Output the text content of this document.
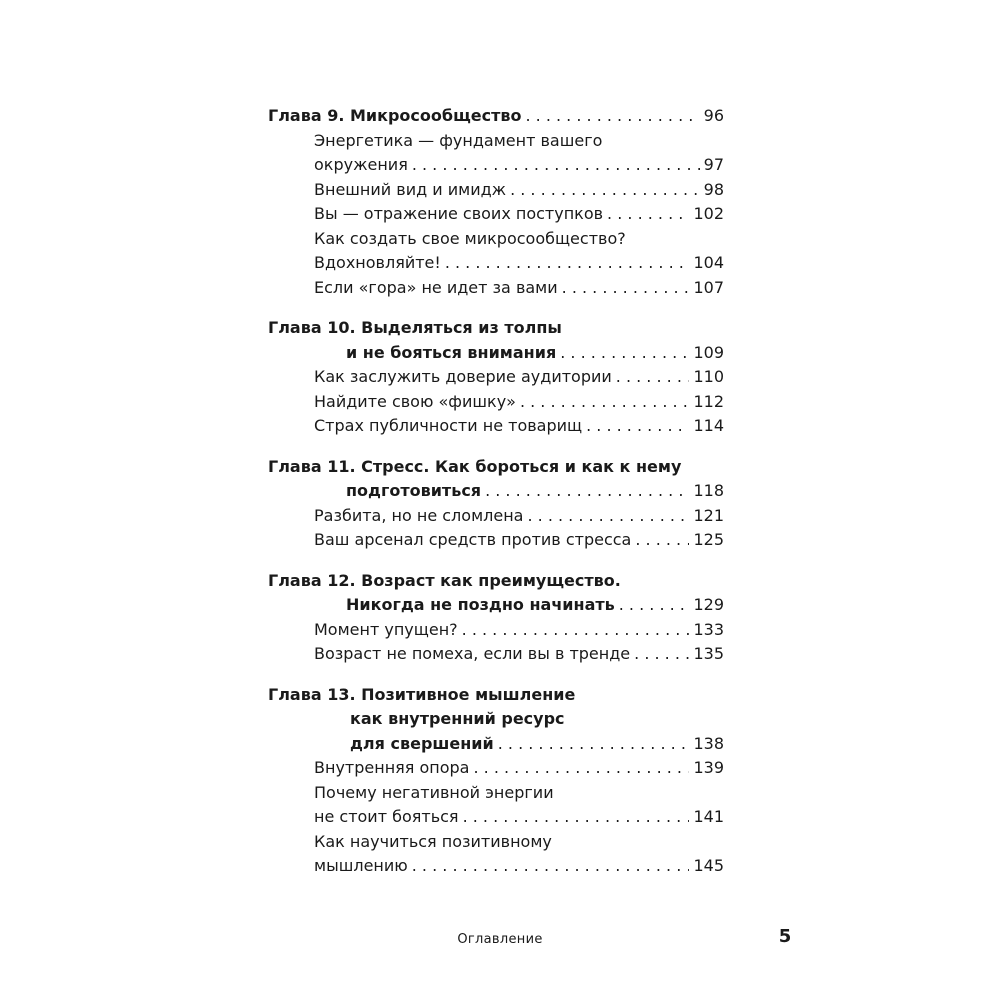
Глава 9. Микросообщество . . .	96
Энергетика — фундамент вашего
окружения . . .	97
Внешний вид и имидж . . .	98
Вы — отражение своих поступков . . .	102
Как создать свое микросообщество?
Вдохновляйте! . . .	104
Если «гора» не идет за вами . . .	107
Глава 10. Выделяться из толпы
и не бояться внимания . . .	109
Как заслужить доверие аудитории . . .	110
Найдите свою «фишку» . . .	112
Страх публичности не товарищ . . .	114
Глава 11. Стресс. Как бороться и как к нему
подготовиться . . .	118
Разбита, но не сломлена . . .	121
Ваш арсенал средств против стресса . . .	125
Глава 12. Возраст как преимущество.
Никогда не поздно начинать . . .	129
Момент упущен? . . .	133
Возраст не помеха, если вы в тренде . . .	135
Глава 13. Позитивное мышление
как внутренний ресурс
для свершений . . .	138
Внутренняя опора . . .	139
Почему негативной энергии
не стоит бояться . . .	141
Как научиться позитивному
мышлению . . .	145
Оглавление	5
